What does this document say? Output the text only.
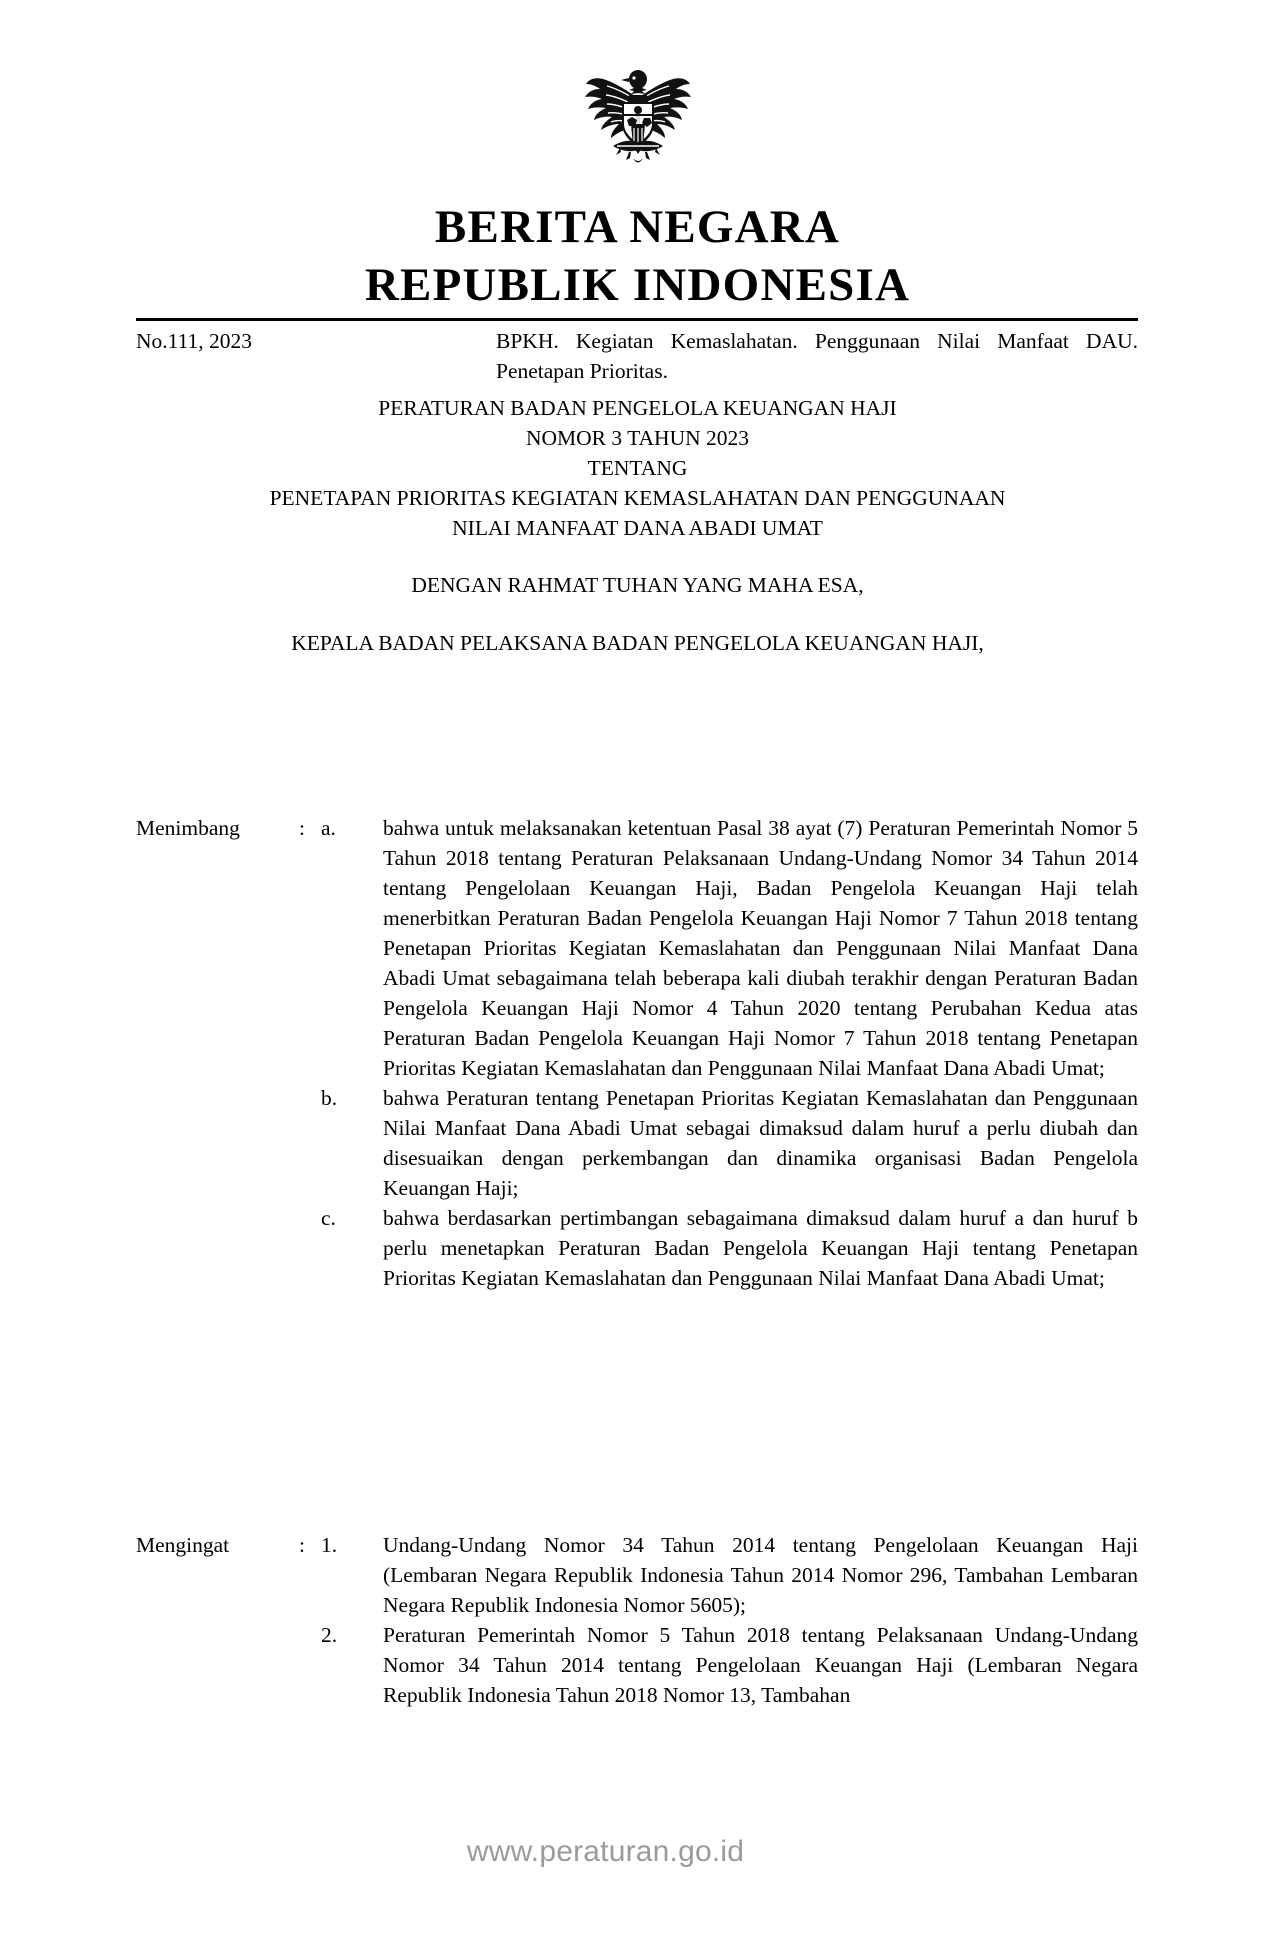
BERITA NEGARA
REPUBLIK INDONESIA
No.111, 2023	BPKH. Kegiatan Kemaslahatan. Penggunaan Nilai Manfaat DAU. Penetapan Prioritas.
PERATURAN BADAN PENGELOLA KEUANGAN HAJI
NOMOR 3 TAHUN 2023
TENTANG
PENETAPAN PRIORITAS KEGIATAN KEMASLAHATAN DAN PENGGUNAAN
NILAI MANFAAT DANA ABADI UMAT
DENGAN RAHMAT TUHAN YANG MAHA ESA,
KEPALA BADAN PELAKSANA BADAN PENGELOLA KEUANGAN HAJI,
Menimbang	: a.	bahwa untuk melaksanakan ketentuan Pasal 38 ayat (7) Peraturan Pemerintah Nomor 5 Tahun 2018 tentang Peraturan Pelaksanaan Undang-Undang Nomor 34 Tahun 2014 tentang Pengelolaan Keuangan Haji, Badan Pengelola Keuangan Haji telah menerbitkan Peraturan Badan Pengelola Keuangan Haji Nomor 7 Tahun 2018 tentang Penetapan Prioritas Kegiatan Kemaslahatan dan Penggunaan Nilai Manfaat Dana Abadi Umat sebagaimana telah beberapa kali diubah terakhir dengan Peraturan Badan Pengelola Keuangan Haji Nomor 4 Tahun 2020 tentang Perubahan Kedua atas Peraturan Badan Pengelola Keuangan Haji Nomor 7 Tahun 2018 tentang Penetapan Prioritas Kegiatan Kemaslahatan dan Penggunaan Nilai Manfaat Dana Abadi Umat;
b.	bahwa Peraturan tentang Penetapan Prioritas Kegiatan Kemaslahatan dan Penggunaan Nilai Manfaat Dana Abadi Umat sebagai dimaksud dalam huruf a perlu diubah dan disesuaikan dengan perkembangan dan dinamika organisasi Badan Pengelola Keuangan Haji;
c.	bahwa berdasarkan pertimbangan sebagaimana dimaksud dalam huruf a dan huruf b perlu menetapkan Peraturan Badan Pengelola Keuangan Haji tentang Penetapan Prioritas Kegiatan Kemaslahatan dan Penggunaan Nilai Manfaat Dana Abadi Umat;
Mengingat	: 1.	Undang-Undang Nomor 34 Tahun 2014 tentang Pengelolaan Keuangan Haji (Lembaran Negara Republik Indonesia Tahun 2014 Nomor 296, Tambahan Lembaran Negara Republik Indonesia Nomor 5605);
2.	Peraturan Pemerintah Nomor 5 Tahun 2018 tentang Pelaksanaan Undang-Undang Nomor 34 Tahun 2014 tentang Pengelolaan Keuangan Haji (Lembaran Negara Republik Indonesia Tahun 2018 Nomor 13, Tambahan
www.peraturan.go.id
